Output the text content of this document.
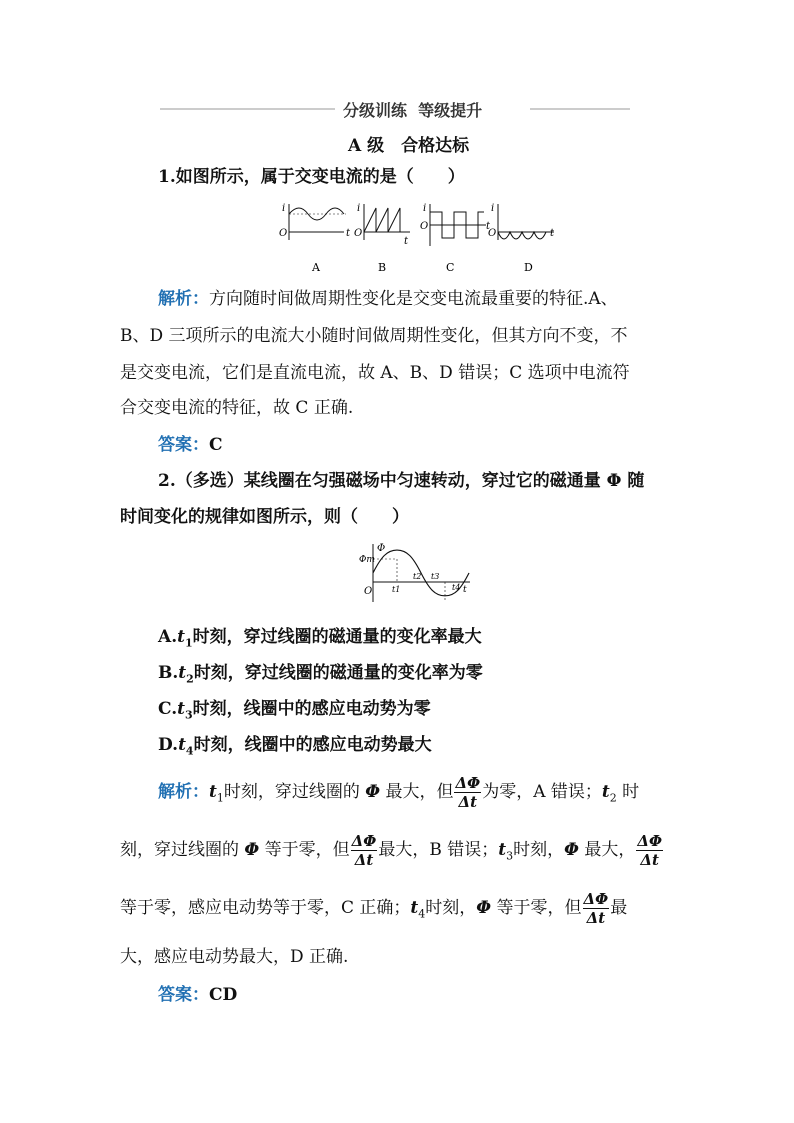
分级训练  等级提升
A 级　合格达标
1.如图所示，属于交变电流的是（　　）
i
O	t
A
i
O
t
B
i
O	t
C
i
O	t
D
解析：方向随时间做周期性变化是交变电流最重要的特征.A、
B、D 三项所示的电流大小随时间做周期性变化，但其方向不变，不
是交变电流，它们是直流电流，故 A、B、D 错误；C 选项中电流符
合交变电流的特征，故 C 正确.
答案：C
2.（多选）某线圈在匀强磁场中匀速转动，穿过它的磁通量 Φ 随
时间变化的规律如图所示，则（　　）
Φ
Φm
O t1
t2 t3
t4 t
$A.t_1$时刻，穿过线圈的磁通量的变化率最大
$B.t_2$时刻，穿过线圈的磁通量的变化率为零
$C.t_3$时刻，线圈中的感应电动势为零
$D.t_4$时刻，线圈中的感应电动势最大
解析：$t_1$时刻，穿过线圈的 Φ 最大，但 $\frac{\Delta\Phi}{\Delta t}$ 为零，A 错误；$t_2$ 时
刻，穿过线圈的 Φ 等于零，但 $\frac{\Delta\Phi}{\Delta t}$ 最大，B 错误；$t_3$时刻，Φ 最大， $\frac{\Delta\Phi}{\Delta t}$
等于零，感应电动势等于零，C 正确；$t_4$时刻，Φ 等于零，但 $\frac{\Delta\Phi}{\Delta t}$ 最
大，感应电动势最大，D 正确.
答案：CD
